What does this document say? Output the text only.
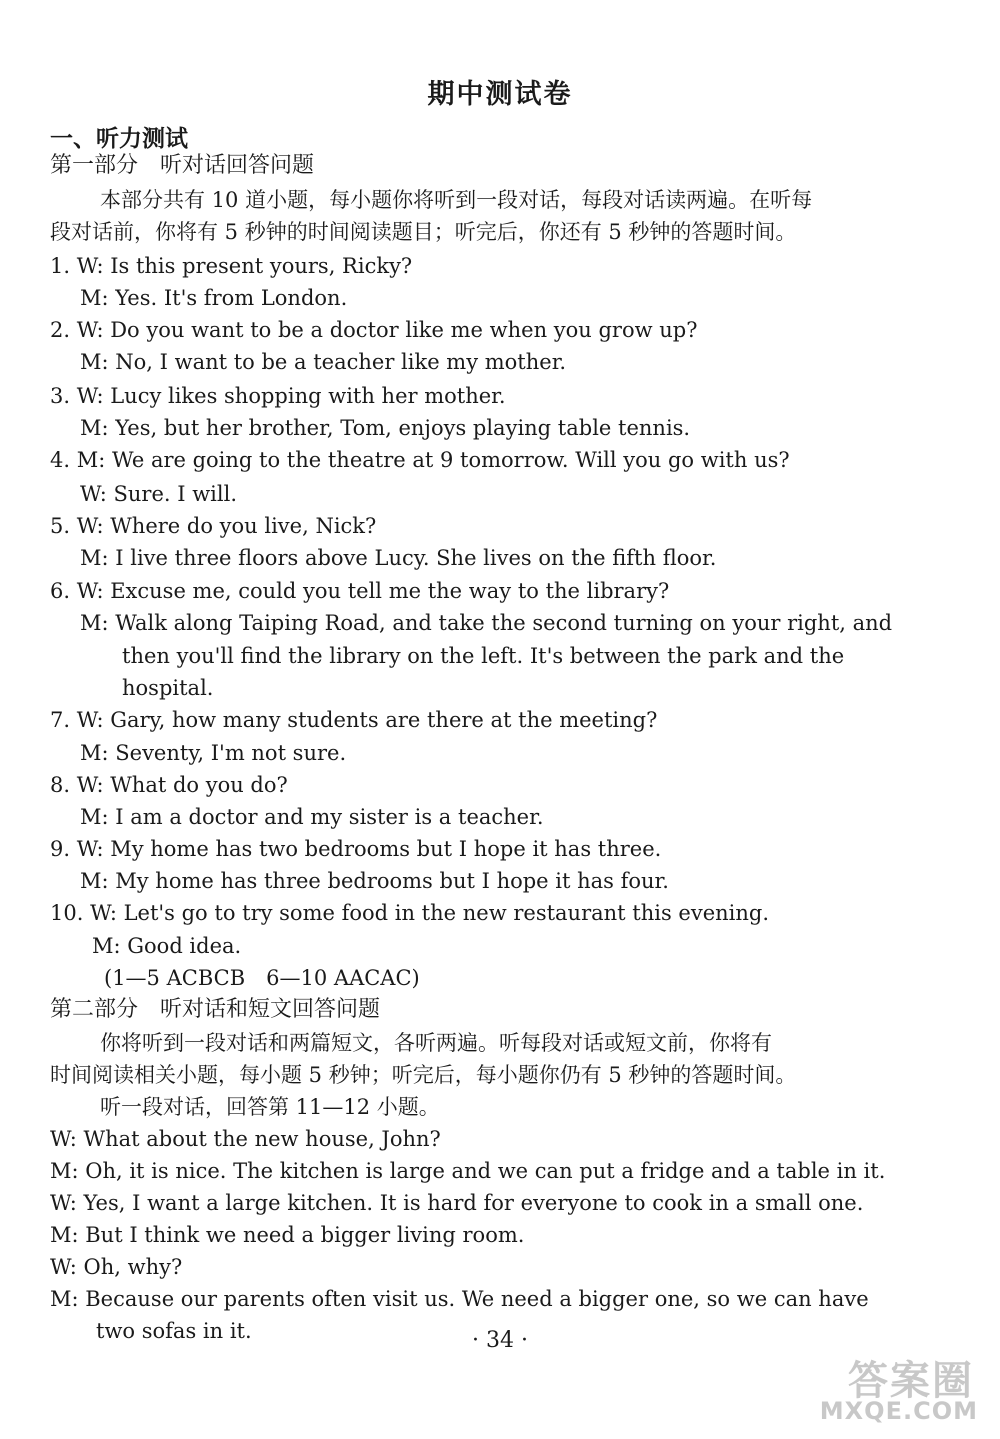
期中测试卷
一、听力测试
第一部分　听对话回答问题
本部分共有 10 道小题，每小题你将听到一段对话，每段对话读两遍。在听每
段对话前，你将有 5 秒钟的时间阅读题目；听完后，你还有 5 秒钟的答题时间。
1. W: Is this present yours, Ricky?
M: Yes. It's from London.
2. W: Do you want to be a doctor like me when you grow up?
M: No, I want to be a teacher like my mother.
3. W: Lucy likes shopping with her mother.
M: Yes, but her brother, Tom, enjoys playing table tennis.
4. M: We are going to the theatre at 9 tomorrow. Will you go with us?
W: Sure. I will.
5. W: Where do you live, Nick?
M: I live three floors above Lucy. She lives on the fifth floor.
6. W: Excuse me, could you tell me the way to the library?
M: Walk along Taiping Road, and take the second turning on your right, and
then you'll find the library on the left. It's between the park and the
hospital.
7. W: Gary, how many students are there at the meeting?
M: Seventy, I'm not sure.
8. W: What do you do?
M: I am a doctor and my sister is a teacher.
9. W: My home has two bedrooms but I hope it has three.
M: My home has three bedrooms but I hope it has four.
10. W: Let's go to try some food in the new restaurant this evening.
M: Good idea.
(1—5 ACBCB　6—10 AACAC)
第二部分　听对话和短文回答问题
你将听到一段对话和两篇短文，各听两遍。听每段对话或短文前，你将有
时间阅读相关小题，每小题 5 秒钟；听完后，每小题你仍有 5 秒钟的答题时间。
听一段对话，回答第 11—12 小题。
W: What about the new house, John?
M: Oh, it is nice. The kitchen is large and we can put a fridge and a table in it.
W: Yes, I want a large kitchen. It is hard for everyone to cook in a small one.
M: But I think we need a bigger living room.
W: Oh, why?
M: Because our parents often visit us. We need a bigger one, so we can have
two sofas in it.	· 34 ·
答案圈
MXQE.COM
